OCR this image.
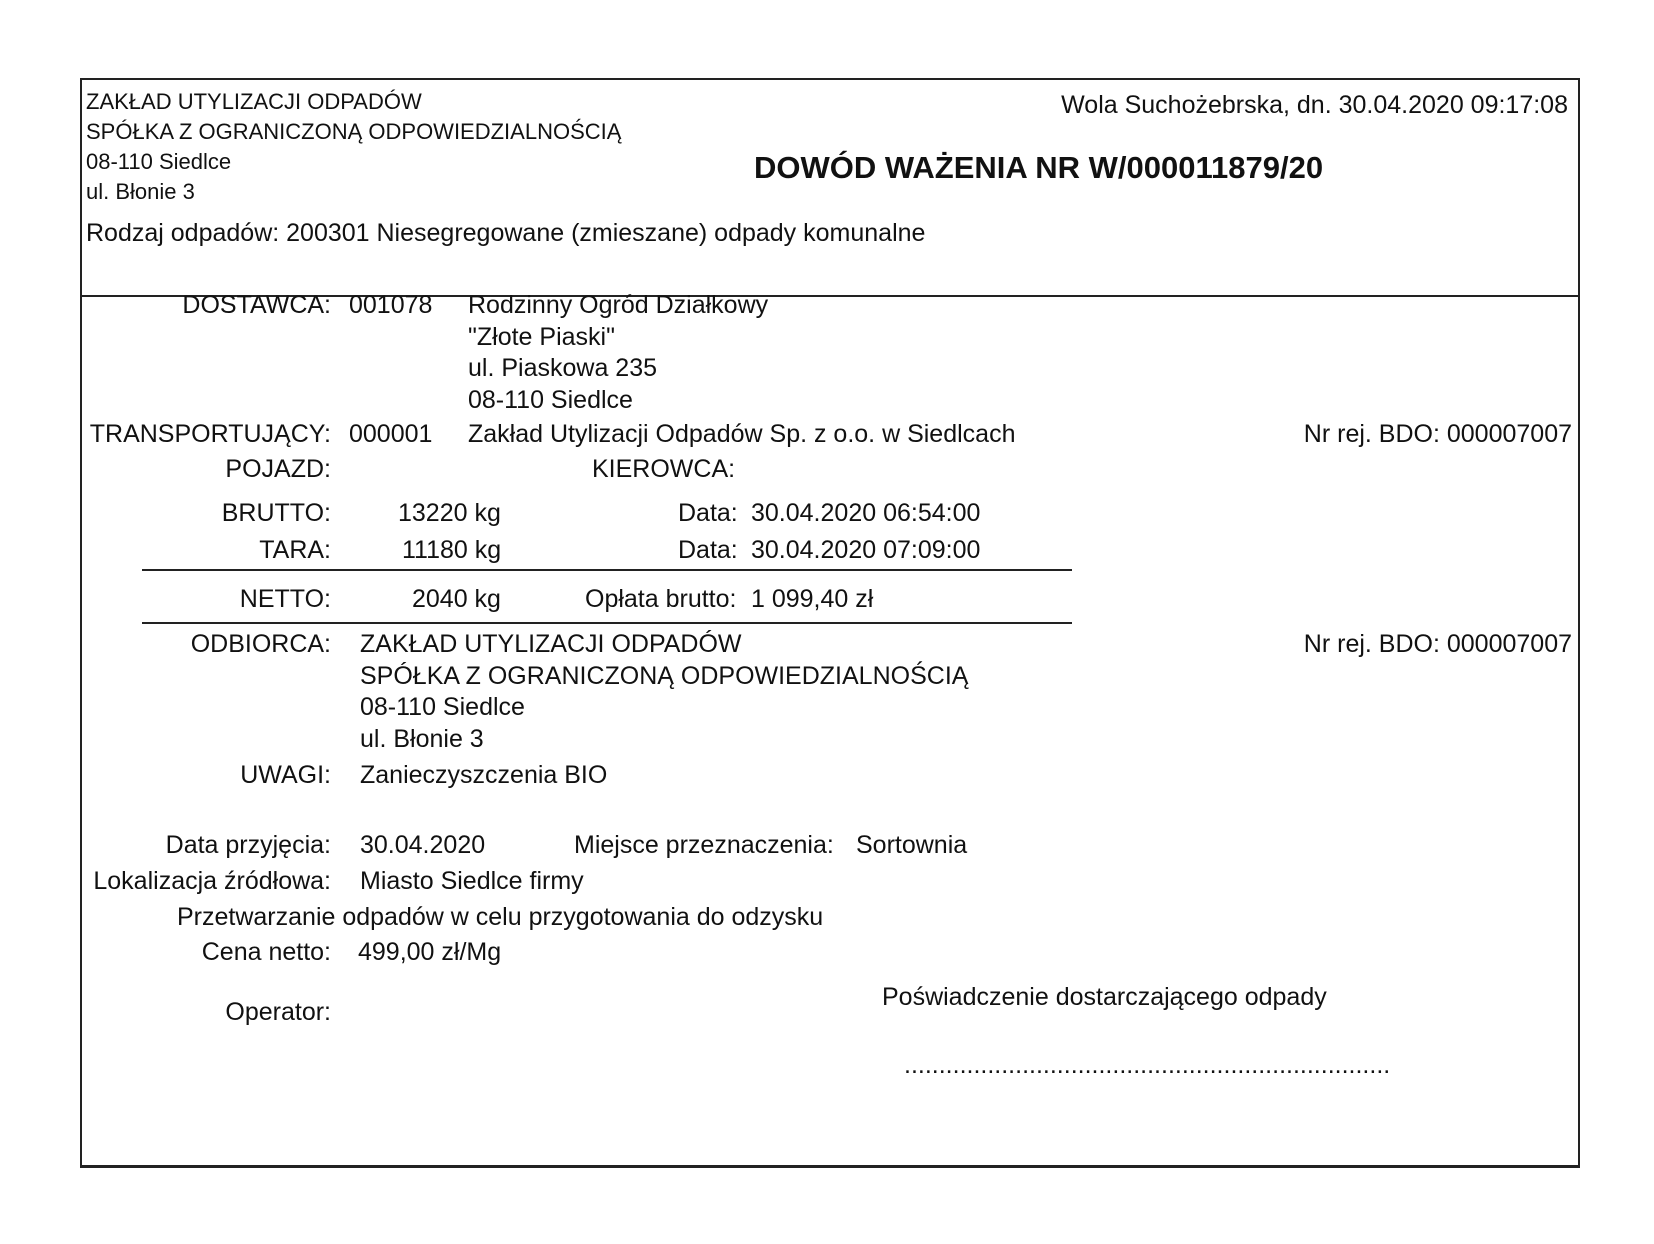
ZAKŁAD UTYLIZACJI ODPADÓW
SPÓŁKA Z OGRANICZONĄ ODPOWIEDZIALNOŚCIĄ
08-110 Siedlce
ul. Błonie 3
Wola Suchożebrska, dn. 30.04.2020 09:17:08
DOWÓD WAŻENIA NR W/000011879/20
Rodzaj odpadów: 200301 Niesegregowane (zmieszane) odpady komunalne
DOSTAWCA: 001078 Rodzinny Ogród Działkowy
"Złote Piaski"
ul. Piaskowa 235
08-110 Siedlce
TRANSPORTUJĄCY: 000001 Zakład Utylizacji Odpadów Sp. z o.o. w Siedlcach	Nr rej. BDO: 000007007
POJAZD:	KIEROWCA:
BRUTTO:	13220 kg	Data: 30.04.2020 06:54:00
TARA:	11180 kg	Data: 30.04.2020 07:09:00
NETTO:	2040 kg	Opłata brutto: 1 099,40 zł
ODBIORCA: ZAKŁAD UTYLIZACJI ODPADÓW
SPÓŁKA Z OGRANICZONĄ ODPOWIEDZIALNOŚCIĄ
08-110 Siedlce
ul. Błonie 3
Nr rej. BDO: 000007007
UWAGI: Zanieczyszczenia BIO
Data przyjęcia: 30.04.2020	Miejsce przeznaczenia: Sortownia
Lokalizacja źródłowa: Miasto Siedlce firmy
Przetwarzanie odpadów w celu przygotowania do odzysku
Cena netto: 499,00 zł/Mg
Operator:
Poświadczenie dostarczającego odpady
......................................................................
